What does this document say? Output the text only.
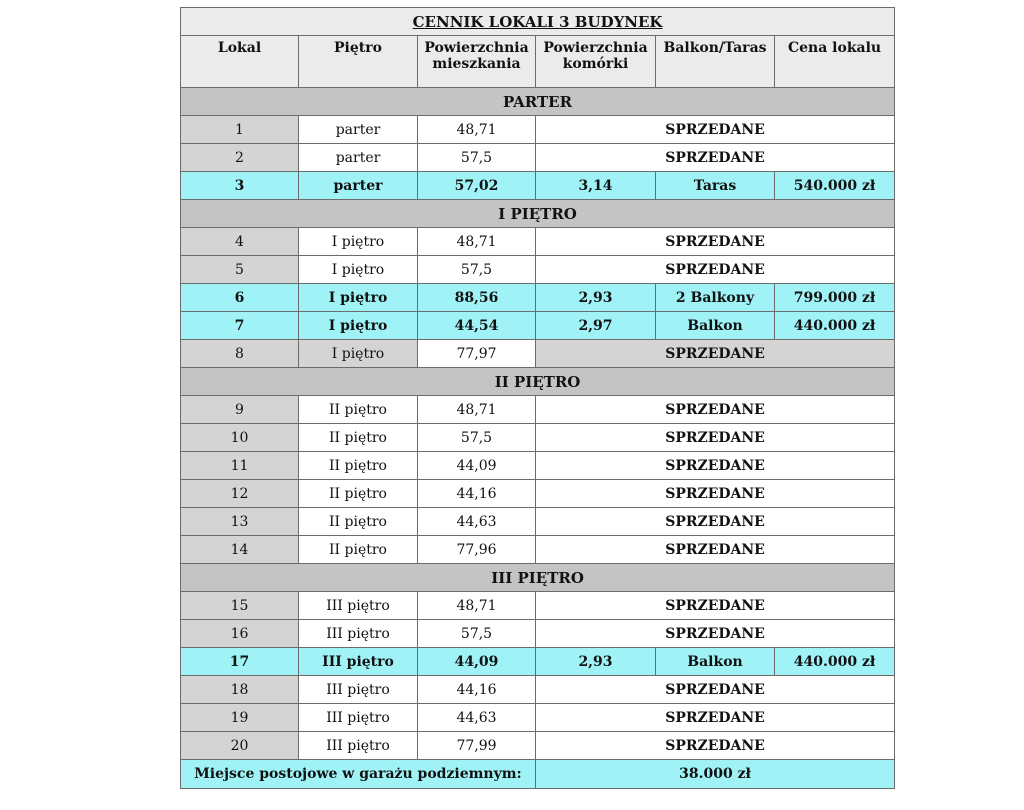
CENNIK LOKALI 3 BUDYNEK					
Lokal	Piętro	Powierzchnia mieszkania	Powierzchnia komórki	Balkon/Taras	Cena lokalu
PARTER					
1	parter	48,71	SPRZEDANE		
2	parter	57,5	SPRZEDANE		
3	parter	57,02	3,14	Taras	540.000 zł
I PIĘTRO					
4	I piętro	48,71	SPRZEDANE		
5	I piętro	57,5	SPRZEDANE		
6	I piętro	88,56	2,93	2 Balkony	799.000 zł
7	I piętro	44,54	2,97	Balkon	440.000 zł
8	I piętro	77,97	SPRZEDANE		
II PIĘTRO					
9	II piętro	48,71	SPRZEDANE		
10	II piętro	57,5	SPRZEDANE		
11	II piętro	44,09	SPRZEDANE		
12	II piętro	44,16	SPRZEDANE		
13	II piętro	44,63	SPRZEDANE		
14	II piętro	77,96	SPRZEDANE		
III PIĘTRO					
15	III piętro	48,71	SPRZEDANE		
16	III piętro	57,5	SPRZEDANE		
17	III piętro	44,09	2,93	Balkon	440.000 zł
18	III piętro	44,16	SPRZEDANE		
19	III piętro	44,63	SPRZEDANE		
20	III piętro	77,99	SPRZEDANE		
Miejsce postojowe w garażu podziemnym:			38.000 zł		
